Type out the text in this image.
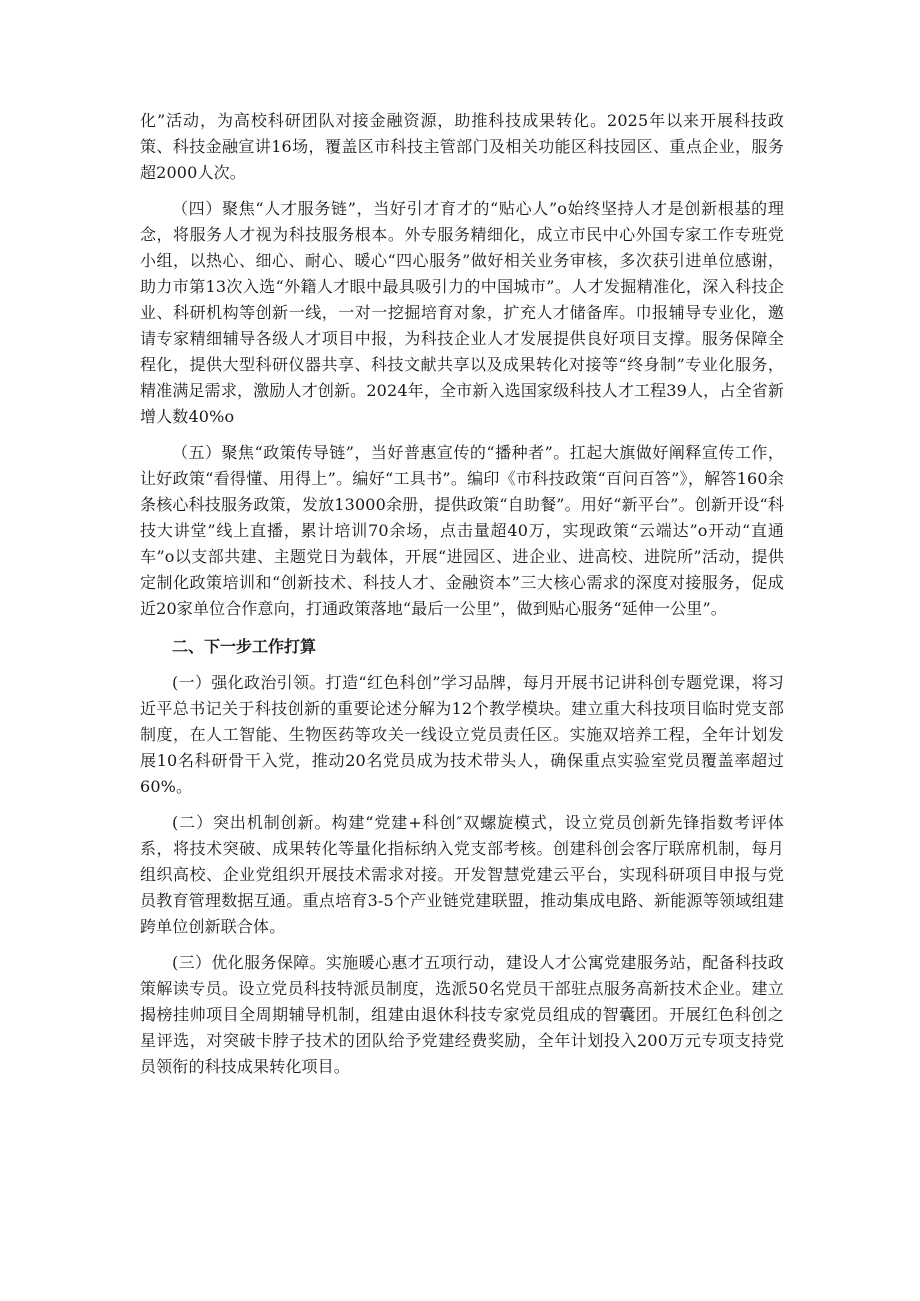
化”活动，为高校科研团队对接金融资源，助推科技成果转化。2025年以来开展科技政策、科技金融宣讲16场，覆盖区市科技主管部门及相关功能区科技园区、重点企业，服务超2000人次。

（四）聚焦“人才服务链”，当好引才育才的“贴心人”o始终坚持人才是创新根基的理念，将服务人才视为科技服务根本。外专服务精细化，成立市民中心外国专家工作专班党小组，以热心、细心、耐心、暖心“四心服务”做好相关业务审核，多次获引进单位感谢，助力市第13次入选“外籍人才眼中最具吸引力的中国城市”。人才发掘精准化，深入科技企业、科研机构等创新一线，一对一挖掘培育对象，扩充人才储备库。巾报辅导专业化，邀请专家精细辅导各级人才项目中报，为科技企业人才发展提供良好项目支撑。服务保障全程化，提供大型科研仪器共享、科技文献共享以及成果转化对接等“终身制”专业化服务，精准满足需求，激励人才创新。2024年，全市新入选国家级科技人才工程39人，占全省新增人数40%o

（五）聚焦“政策传导链”，当好普惠宣传的“播种者”。扛起大旗做好阐释宣传工作，让好政策“看得懂、用得上”。编好“工具书”。编印《市科技政策“百问百答”》，解答160余条核心科技服务政策，发放13000余册，提供政策“自助餐”。用好“新平台”。创新开设“科技大讲堂”线上直播，累计培训70余场，点击量超40万，实现政策“云端达”o开动“直通车”o以支部共建、主题党日为载体，开展“进园区、进企业、进高校、进院所”活动，提供定制化政策培训和“创新技术、科技人才、金融资本”三大核心需求的深度对接服务，促成近20家单位合作意向，打通政策落地“最后一公里”，做到贴心服务“延伸一公里”。

二、下一步工作打算

(一）强化政治引领。打造“红色科创”学习品牌，每月开展书记讲科创专题党课，将习近平总书记关于科技创新的重要论述分解为12个教学模块。建立重大科技项目临时党支部制度，在人工智能、生物医药等攻关一线设立党员责任区。实施双培养工程，全年计划发展10名科研骨干入党，推动20名党员成为技术带头人，确保重点实验室党员覆盖率超过60%。

(二）突出机制创新。构建“党建+科创″双螺旋模式，设立党员创新先锋指数考评体系，将技术突破、成果转化等量化指标纳入党支部考核。创建科创会客厅联席机制，每月组织高校、企业党组织开展技术需求对接。开发智慧党建云平台，实现科研项目申报与党员教育管理数据互通。重点培育3-5个产业链党建联盟，推动集成电路、新能源等领域组建跨单位创新联合体。

(三）优化服务保障。实施暖心惠才五项行动，建设人才公寓党建服务站，配备科技政策解读专员。设立党员科技特派员制度，选派50名党员干部驻点服务高新技术企业。建立揭榜挂帅项目全周期辅导机制，组建由退休科技专家党员组成的智囊团。开展红色科创之星评选，对突破卡脖子技术的团队给予党建经费奖励，全年计划投入200万元专项支持党员领衔的科技成果转化项目。
